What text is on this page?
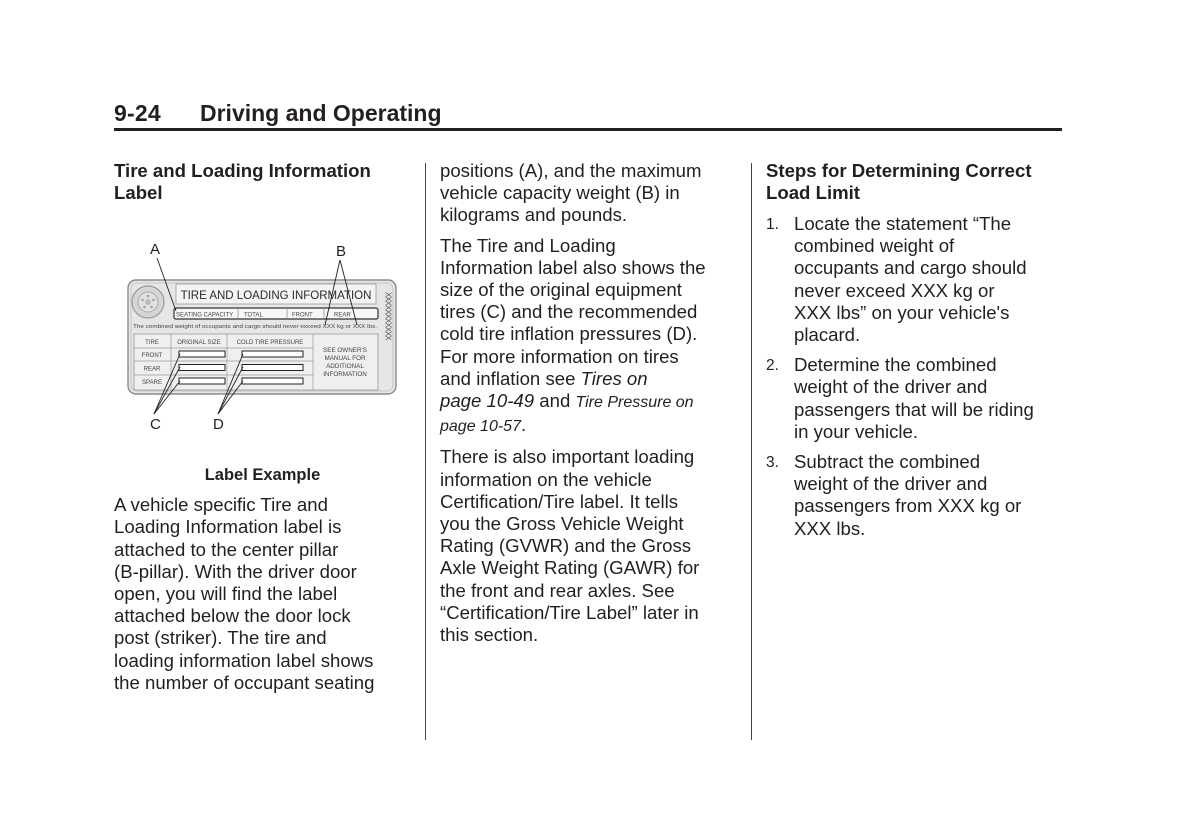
9-24 Driving and Operating
Tire and Loading Information
Label
A	B
C	D
TIRE AND LOADING INFORMATION
SEATING CAPACITY TOTAL	FRONT	REAR
The combined weight of occupants and cargo should never exceed XXX kg or XXX lbs.
TIRE	ORIGINAL SIZE	COLD TIRE PRESSURE
FRONT
REAR
SPARE
SEE OWNER'S
MANUAL FOR
ADDITIONAL
INFORMATION
XXXXXXXXXXX
Label Example
A vehicle specific Tire and
Loading Information label is
attached to the center pillar
(B-pillar). With the driver door
open, you will find the label
attached below the door lock
post (striker). The tire and
loading information label shows
the number of occupant seating
positions (A), and the maximum
vehicle capacity weight (B) in
kilograms and pounds.
The Tire and Loading
Information label also shows the
size of the original equipment
tires (C) and the recommended
cold tire inflation pressures (D).
For more information on tires
and inflation see Tires on
page 10-49 and Tire Pressure on
page 10-57.
There is also important loading
information on the vehicle
Certification/Tire label. It tells
you the Gross Vehicle Weight
Rating (GVWR) and the Gross
Axle Weight Rating (GAWR) for
the front and rear axles. See
“Certification/Tire Label” later in
this section.
Steps for Determining Correct
Load Limit
1. Locate the statement “The
combined weight of
occupants and cargo should
never exceed XXX kg or
XXX lbs” on your vehicle's
placard.
2. Determine the combined
weight of the driver and
passengers that will be riding
in your vehicle.
3. Subtract the combined
weight of the driver and
passengers from XXX kg or
XXX lbs.
